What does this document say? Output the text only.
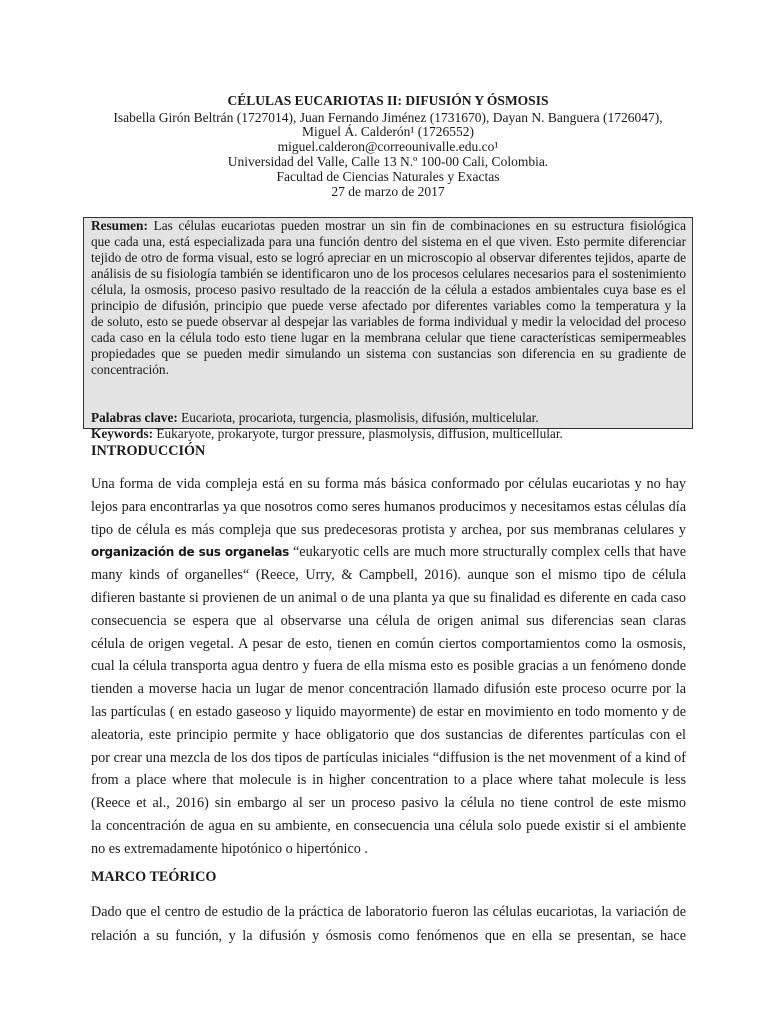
CÉLULAS EUCARIOTAS II: DIFUSIÓN Y ÓSMOSIS
Isabella Girón Beltrán (1727014), Juan Fernando Jiménez (1731670), Dayan N. Banguera (1726047),
Miguel Á. Calderón¹ (1726552)
miguel.calderon@correounivalle.edu.co¹
Universidad del Valle, Calle 13 N.º 100-00 Cali, Colombia.
Facultad de Ciencias Naturales y Exactas
27 de marzo de 2017
Resumen: Las células eucariotas pueden mostrar un sin fin de combinaciones en su estructura fisiológica
que cada una, está especializada para una función dentro del sistema en el que viven. Esto permite diferenciar
tejido de otro de forma visual, esto se logró apreciar en un microscopio al observar diferentes tejidos, aparte de
análisis de su fisiología también se identificaron uno de los procesos celulares necesarios para el sostenimiento
célula, la osmosis, proceso pasivo resultado de la reacción de la célula a estados ambientales cuya base es el
principio de difusión, principio que puede verse afectado por diferentes variables como la temperatura y la
de soluto, esto se puede observar al despejar las variables de forma individual y medir la velocidad del proceso
cada caso en la célula todo esto tiene lugar en la membrana celular que tiene características semipermeables
propiedades que se pueden medir simulando un sistema con sustancias son diferencia en su gradiente de
concentración.
Palabras clave: Eucariota, procariota, turgencia, plasmolisis, difusión, multicelular.
Keywords: Eukaryote, prokaryote, turgor pressure, plasmolysis, diffusion, multicellular.
INTRODUCCIÓN
Una forma de vida compleja está en su forma más básica conformado por células eucariotas y no hay
lejos para encontrarlas ya que nosotros como seres humanos producimos y necesitamos estas células día
tipo de célula es más compleja que sus predecesoras protista y archea, por sus membranas celulares y
organización de sus organelas “eukaryotic cells are much more structurally complex cells that have
many kinds of organelles“ (Reece, Urry, & Campbell, 2016). aunque son el mismo tipo de célula
difieren bastante si provienen de un animal o de una planta ya que su finalidad es diferente en cada caso
consecuencia se espera que al observarse una célula de origen animal sus diferencias sean claras
célula de origen vegetal. A pesar de esto, tienen en común ciertos comportamientos como la osmosis,
cual la célula transporta agua dentro y fuera de ella misma esto es posible gracias a un fenómeno donde
tienden a moverse hacia un lugar de menor concentración llamado difusión este proceso ocurre por la
las partículas ( en estado gaseoso y liquido mayormente) de estar en movimiento en todo momento y de
aleatoria, este principio permite y hace obligatorio que dos sustancias de diferentes partículas con el
por crear una mezcla de los dos tipos de partículas iniciales “diffusion is the net movenment of a kind of
from a place where that molecule is in higher concentration to a place where tahat molecule is less
(Reece et al., 2016) sin embargo al ser un proceso pasivo la célula no tiene control de este mismo
la concentración de agua en su ambiente, en consecuencia una célula solo puede existir si el ambiente
no es extremadamente hipotónico o hipertónico .
MARCO TEÓRICO
Dado que el centro de estudio de la práctica de laboratorio fueron las células eucariotas, la variación de
relación a su función, y la difusión y ósmosis como fenómenos que en ella se presentan, se hace
